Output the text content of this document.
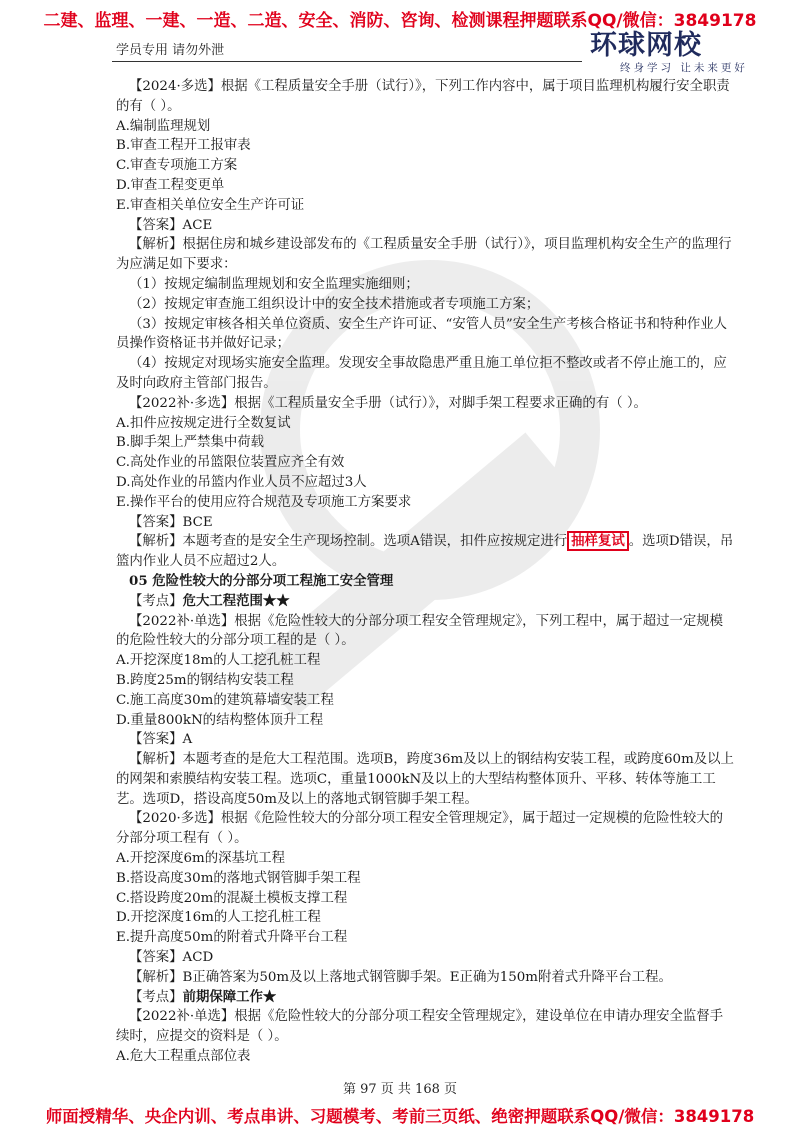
二建、监理、一建、一造、二造、安全、消防、咨询、检测课程押题联系QQ/微信：3849178
学员专用 请勿外泄	环球网校
终身学习 让未来更好

【2024·多选】根据《工程质量安全手册（试行）》，下列工作内容中，属于项目监理机构履行安全职责的有（ ）。

A.编制监理规划

B.审查工程开工报审表

C.审查专项施工方案

D.审查工程变更单

E.审查相关单位安全生产许可证

【答案】ACE

【解析】根据住房和城乡建设部发布的《工程质量安全手册（试行）》，项目监理机构安全生产的监理行为应满足如下要求：

（1）按规定编制监理规划和安全监理实施细则；

（2）按规定审查施工组织设计中的安全技术措施或者专项施工方案；

（3）按规定审核各相关单位资质、安全生产许可证、“安管人员”安全生产考核合格证书和特种作业人员操作资格证书并做好记录；

（4）按规定对现场实施安全监理。发现安全事故隐患严重且施工单位拒不整改或者不停止施工的，应及时向政府主管部门报告。

【2022补·多选】根据《工程质量安全手册（试行）》，对脚手架工程要求正确的有（ ）。

A.扣件应按规定进行全数复试

B.脚手架上严禁集中荷载

C.高处作业的吊篮限位装置应齐全有效

D.高处作业的吊篮内作业人员不应超过3人

E.操作平台的使用应符合规范及专项施工方案要求

【答案】BCE

【解析】本题考查的是安全生产现场控制。选项A错误，扣件应按规定进行 抽样复试 。选项D错误，吊篮内作业人员不应超过2人。

05 危险性较大的分部分项工程施工安全管理

【考点】危大工程范围★★

【2022补·单选】根据《危险性较大的分部分项工程安全管理规定》，下列工程中，属于超过一定规模的危险性较大的分部分项工程的是（ ）。

A.开挖深度18m的人工挖孔桩工程

B.跨度25m的钢结构安装工程

C.施工高度30m的建筑幕墙安装工程

D.重量800kN的结构整体顶升工程

【答案】A

【解析】本题考查的是危大工程范围。选项B，跨度36m及以上的钢结构安装工程，或跨度60m及以上的网架和索膜结构安装工程。选项C，重量1000kN及以上的大型结构整体顶升、平移、转体等施工工艺。选项D，搭设高度50m及以上的落地式钢管脚手架工程。

【2020·多选】根据《危险性较大的分部分项工程安全管理规定》，属于超过一定规模的危险性较大的分部分项工程有（ ）。

A.开挖深度6m的深基坑工程

B.搭设高度30m的落地式钢管脚手架工程

C.搭设跨度20m的混凝土模板支撑工程

D.开挖深度16m的人工挖孔桩工程

E.提升高度50m的附着式升降平台工程

【答案】ACD

【解析】B正确答案为50m及以上落地式钢管脚手架。E正确为150m附着式升降平台工程。

【考点】前期保障工作★

【2022补·单选】根据《危险性较大的分部分项工程安全管理规定》，建设单位在申请办理安全监督手续时，应提交的资料是（ ）。

A.危大工程重点部位表

第 97 页 共 168 页
师面授精华、央企内训、考点串讲、习题模考、考前三页纸、绝密押题联系QQ/微信：3849178
